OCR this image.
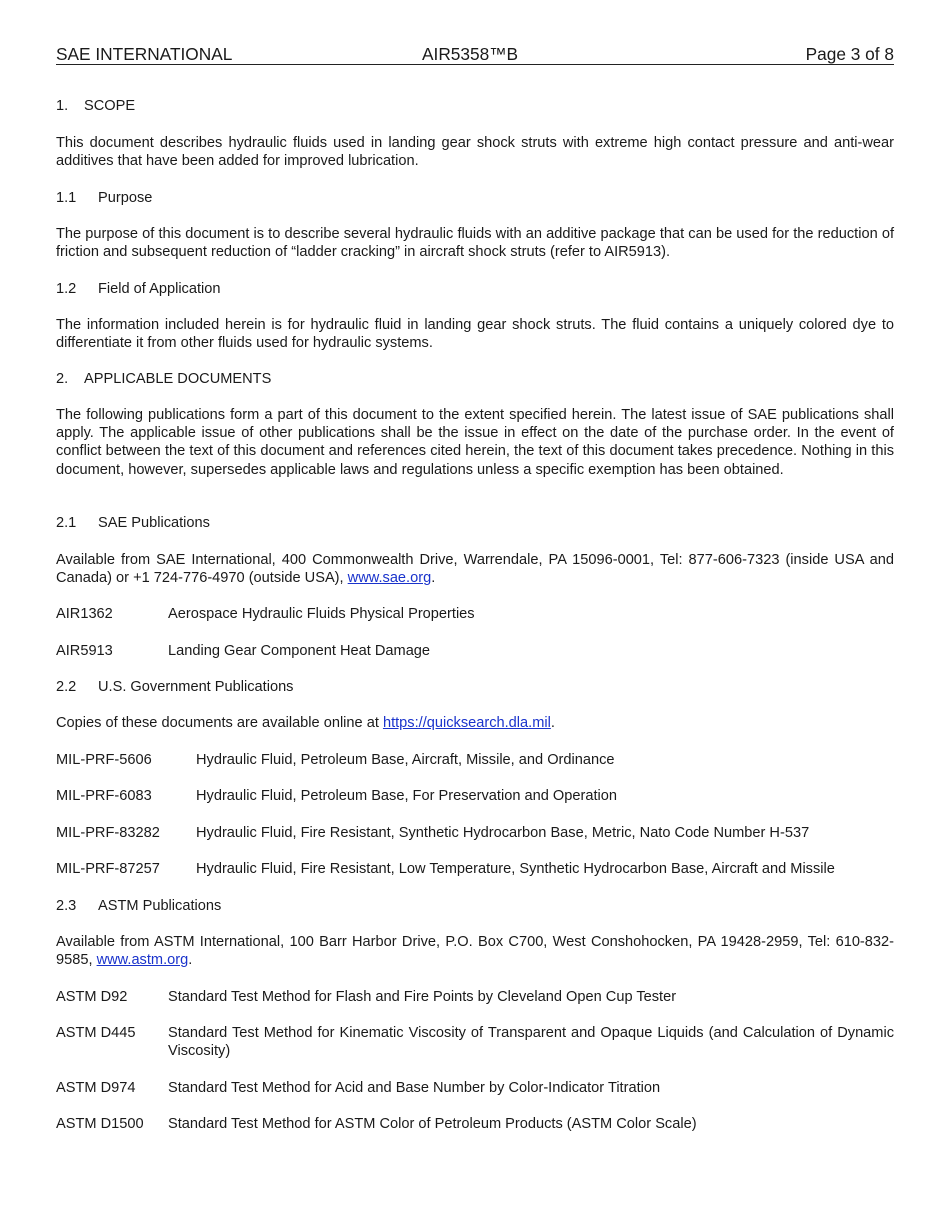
SAE INTERNATIONAL	AIR5358™B	Page 3 of 8
1. SCOPE

This document describes hydraulic fluids used in landing gear shock struts with extreme high contact pressure and anti-wear additives that have been added for improved lubrication.

1.1 Purpose

The purpose of this document is to describe several hydraulic fluids with an additive package that can be used for the reduction of friction and subsequent reduction of “ladder cracking” in aircraft shock struts (refer to AIR5913).

1.2 Field of Application

The information included herein is for hydraulic fluid in landing gear shock struts. The fluid contains a uniquely colored dye to differentiate it from other fluids used for hydraulic systems.

2. APPLICABLE DOCUMENTS

The following publications form a part of this document to the extent specified herein. The latest issue of SAE publications shall apply. The applicable issue of other publications shall be the issue in effect on the date of the purchase order. In the event of conflict between the text of this document and references cited herein, the text of this document takes precedence. Nothing in this document, however, supersedes applicable laws and regulations unless a specific exemption has been obtained.

2.1 SAE Publications

Available from SAE International, 400 Commonwealth Drive, Warrendale, PA 15096-0001, Tel: 877-606-7323 (inside USA and Canada) or +1 724-776-4970 (outside USA), www.sae.org.

AIR1362	Aerospace Hydraulic Fluids Physical Properties
AIR5913	Landing Gear Component Heat Damage
2.2 U.S. Government Publications

Copies of these documents are available online at https://quicksearch.dla.mil.

MIL-PRF-5606	Hydraulic Fluid, Petroleum Base, Aircraft, Missile, and Ordinance
MIL-PRF-6083	Hydraulic Fluid, Petroleum Base, For Preservation and Operation
MIL-PRF-83282 Hydraulic Fluid, Fire Resistant, Synthetic Hydrocarbon Base, Metric, Nato Code Number H-537
MIL-PRF-87257 Hydraulic Fluid, Fire Resistant, Low Temperature, Synthetic Hydrocarbon Base, Aircraft and Missile
2.3 ASTM Publications

Available from ASTM International, 100 Barr Harbor Drive, P.O. Box C700, West Conshohocken, PA 19428-2959, Tel: 610-832-9585, www.astm.org.

ASTM D92	Standard Test Method for Flash and Fire Points by Cleveland Open Cup Tester
ASTM D445 Standard Test Method for Kinematic Viscosity of Transparent and Opaque Liquids (and Calculation of Dynamic Viscosity)
ASTM D974 Standard Test Method for Acid and Base Number by Color-Indicator Titration
ASTM D1500 Standard Test Method for ASTM Color of Petroleum Products (ASTM Color Scale)
